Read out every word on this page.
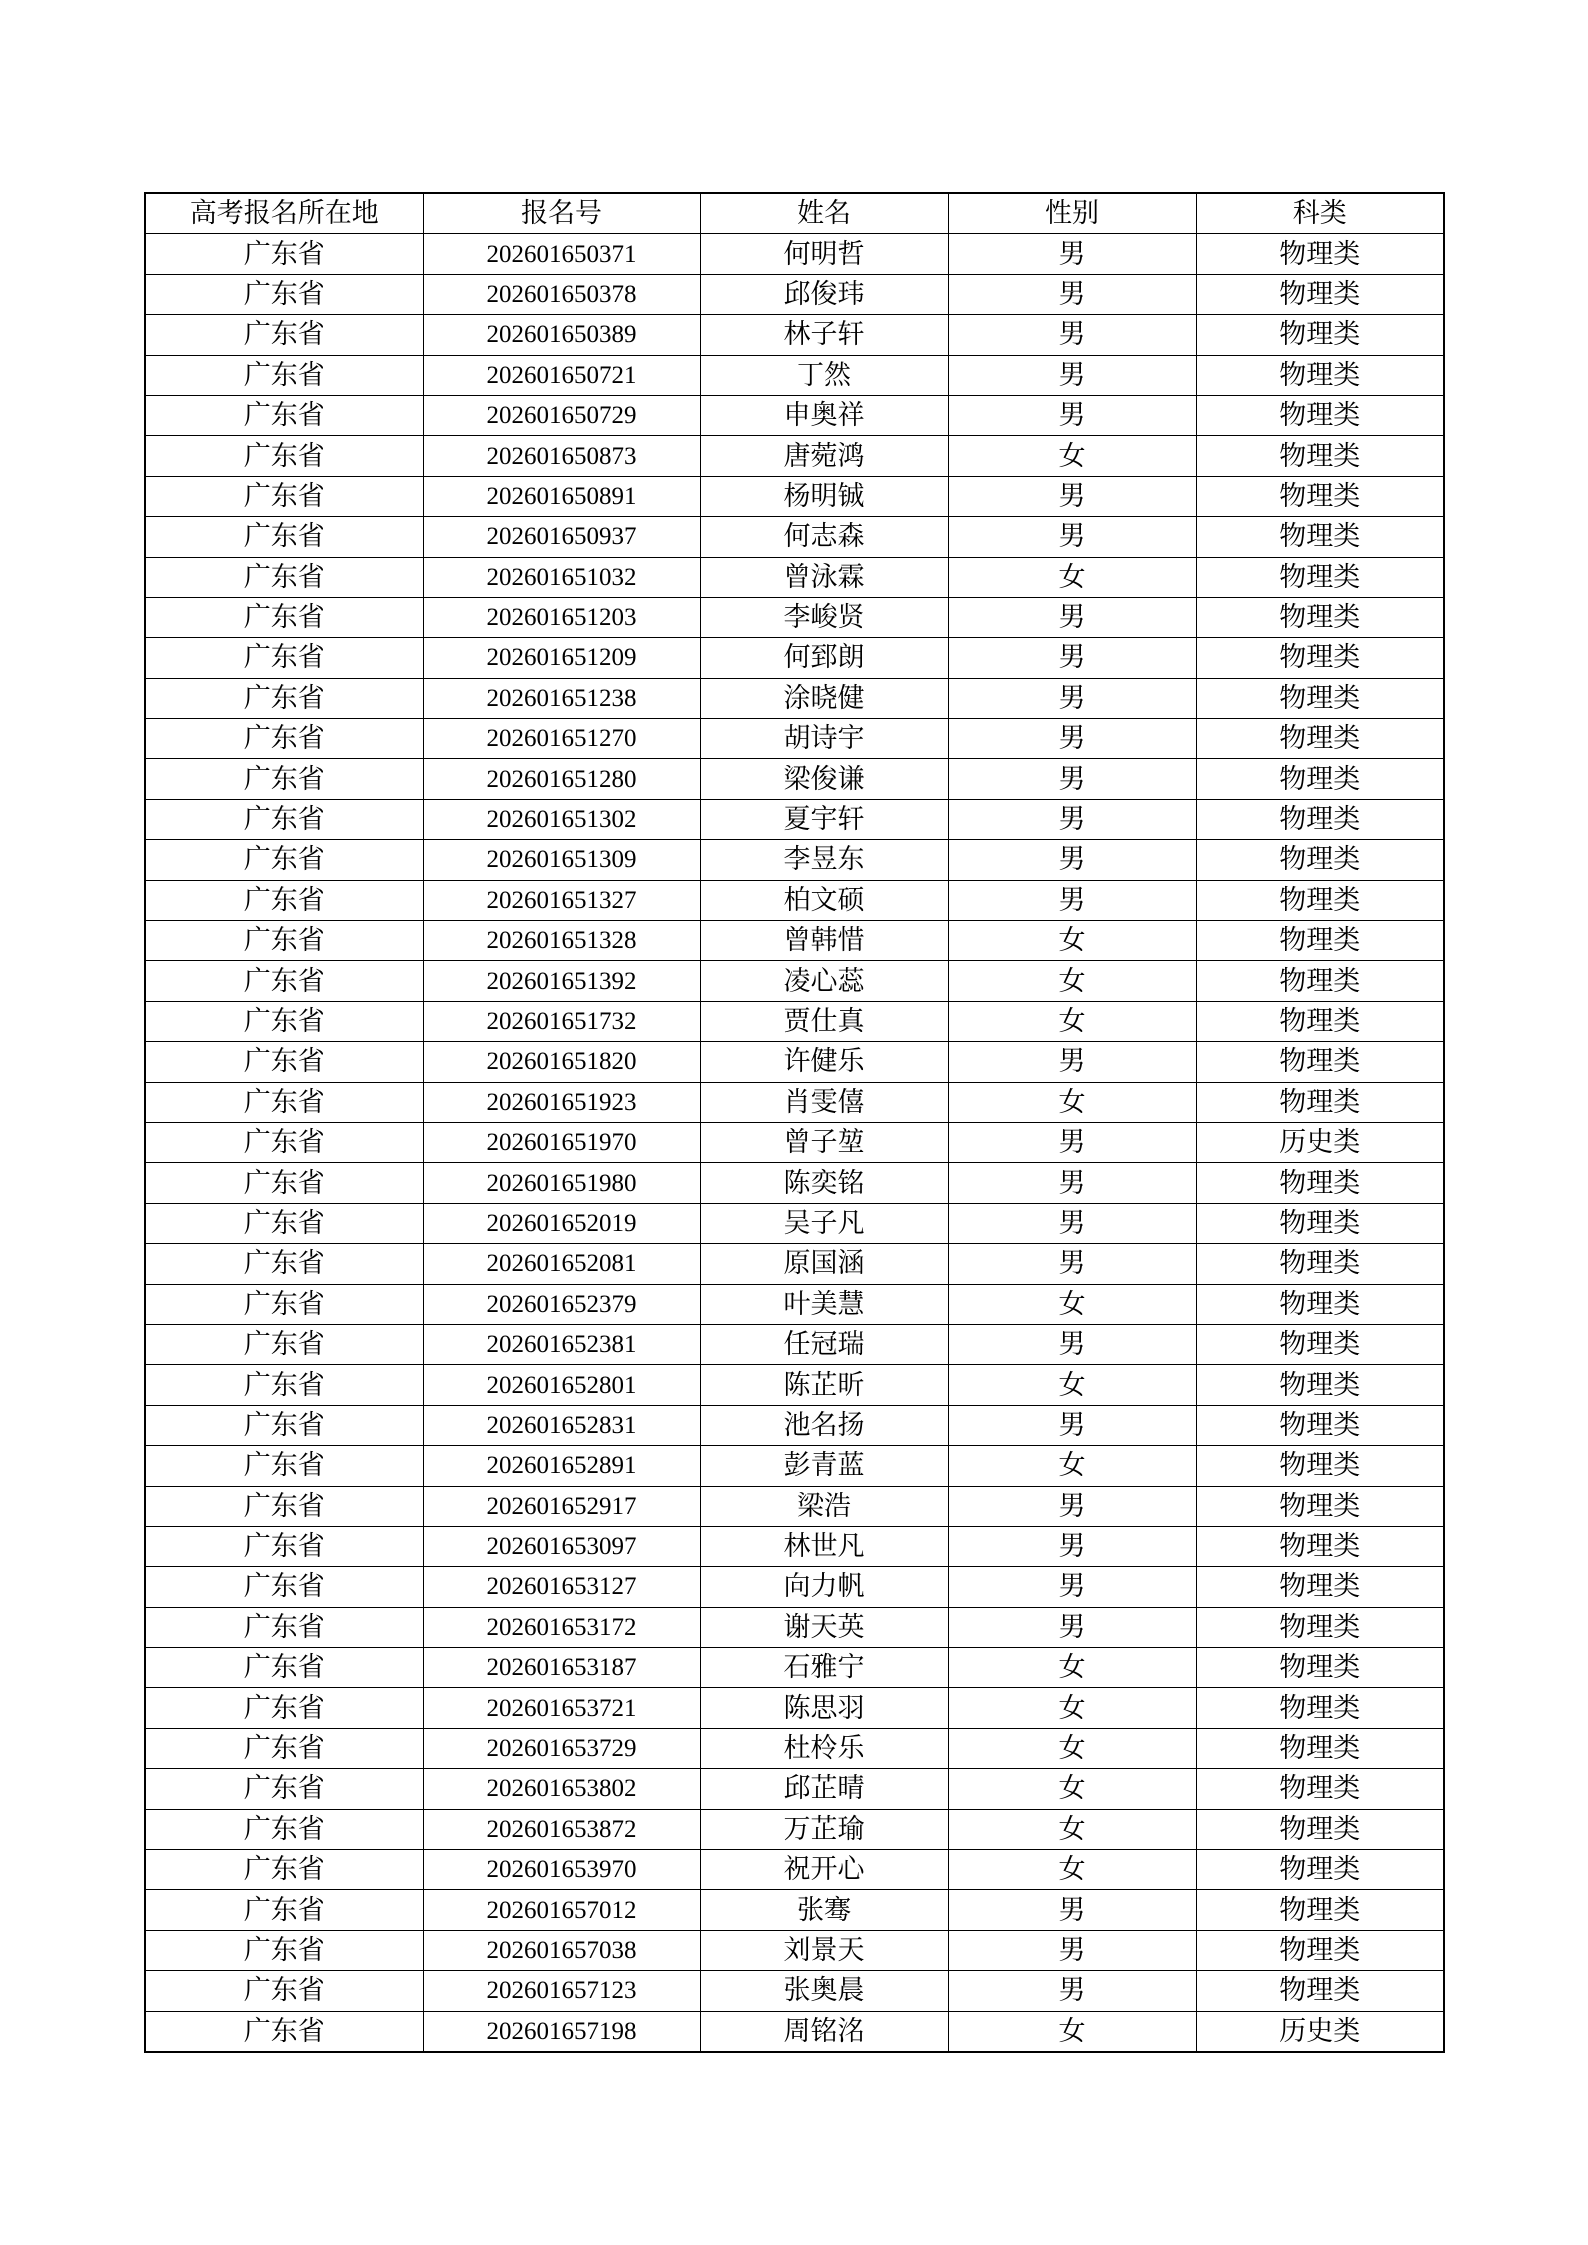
高考报名所在地	报名号	姓名	性别	科类
广东省	202601650371	何明哲	男	物理类
广东省	202601650378	邱俊玮	男	物理类
广东省	202601650389	林子轩	男	物理类
广东省	202601650721	丁然	男	物理类
广东省	202601650729	申奥祥	男	物理类
广东省	202601650873	唐菀鸿	女	物理类
广东省	202601650891	杨明铖	男	物理类
广东省	202601650937	何志森	男	物理类
广东省	202601651032	曾泳霖	女	物理类
广东省	202601651203	李峻贤	男	物理类
广东省	202601651209	何郅朗	男	物理类
广东省	202601651238	涂晓健	男	物理类
广东省	202601651270	胡诗宇	男	物理类
广东省	202601651280	梁俊谦	男	物理类
广东省	202601651302	夏宇轩	男	物理类
广东省	202601651309	李昱东	男	物理类
广东省	202601651327	柏文硕	男	物理类
广东省	202601651328	曾韩惜	女	物理类
广东省	202601651392	凌心蕊	女	物理类
广东省	202601651732	贾仕真	女	物理类
广东省	202601651820	许健乐	男	物理类
广东省	202601651923	肖雯僖	女	物理类
广东省	202601651970	曾子堃	男	历史类
广东省	202601651980	陈奕铭	男	物理类
广东省	202601652019	吴子凡	男	物理类
广东省	202601652081	原国涵	男	物理类
广东省	202601652379	叶美慧	女	物理类
广东省	202601652381	任冠瑞	男	物理类
广东省	202601652801	陈芷昕	女	物理类
广东省	202601652831	池名扬	男	物理类
广东省	202601652891	彭青蓝	女	物理类
广东省	202601652917	梁浩	男	物理类
广东省	202601653097	林世凡	男	物理类
广东省	202601653127	向力帆	男	物理类
广东省	202601653172	谢天英	男	物理类
广东省	202601653187	石雅宁	女	物理类
广东省	202601653721	陈思羽	女	物理类
广东省	202601653729	杜柃乐	女	物理类
广东省	202601653802	邱芷晴	女	物理类
广东省	202601653872	万芷瑜	女	物理类
广东省	202601653970	祝开心	女	物理类
广东省	202601657012	张骞	男	物理类
广东省	202601657038	刘景天	男	物理类
广东省	202601657123	张奥晨	男	物理类
广东省	202601657198	周铭洺	女	历史类
